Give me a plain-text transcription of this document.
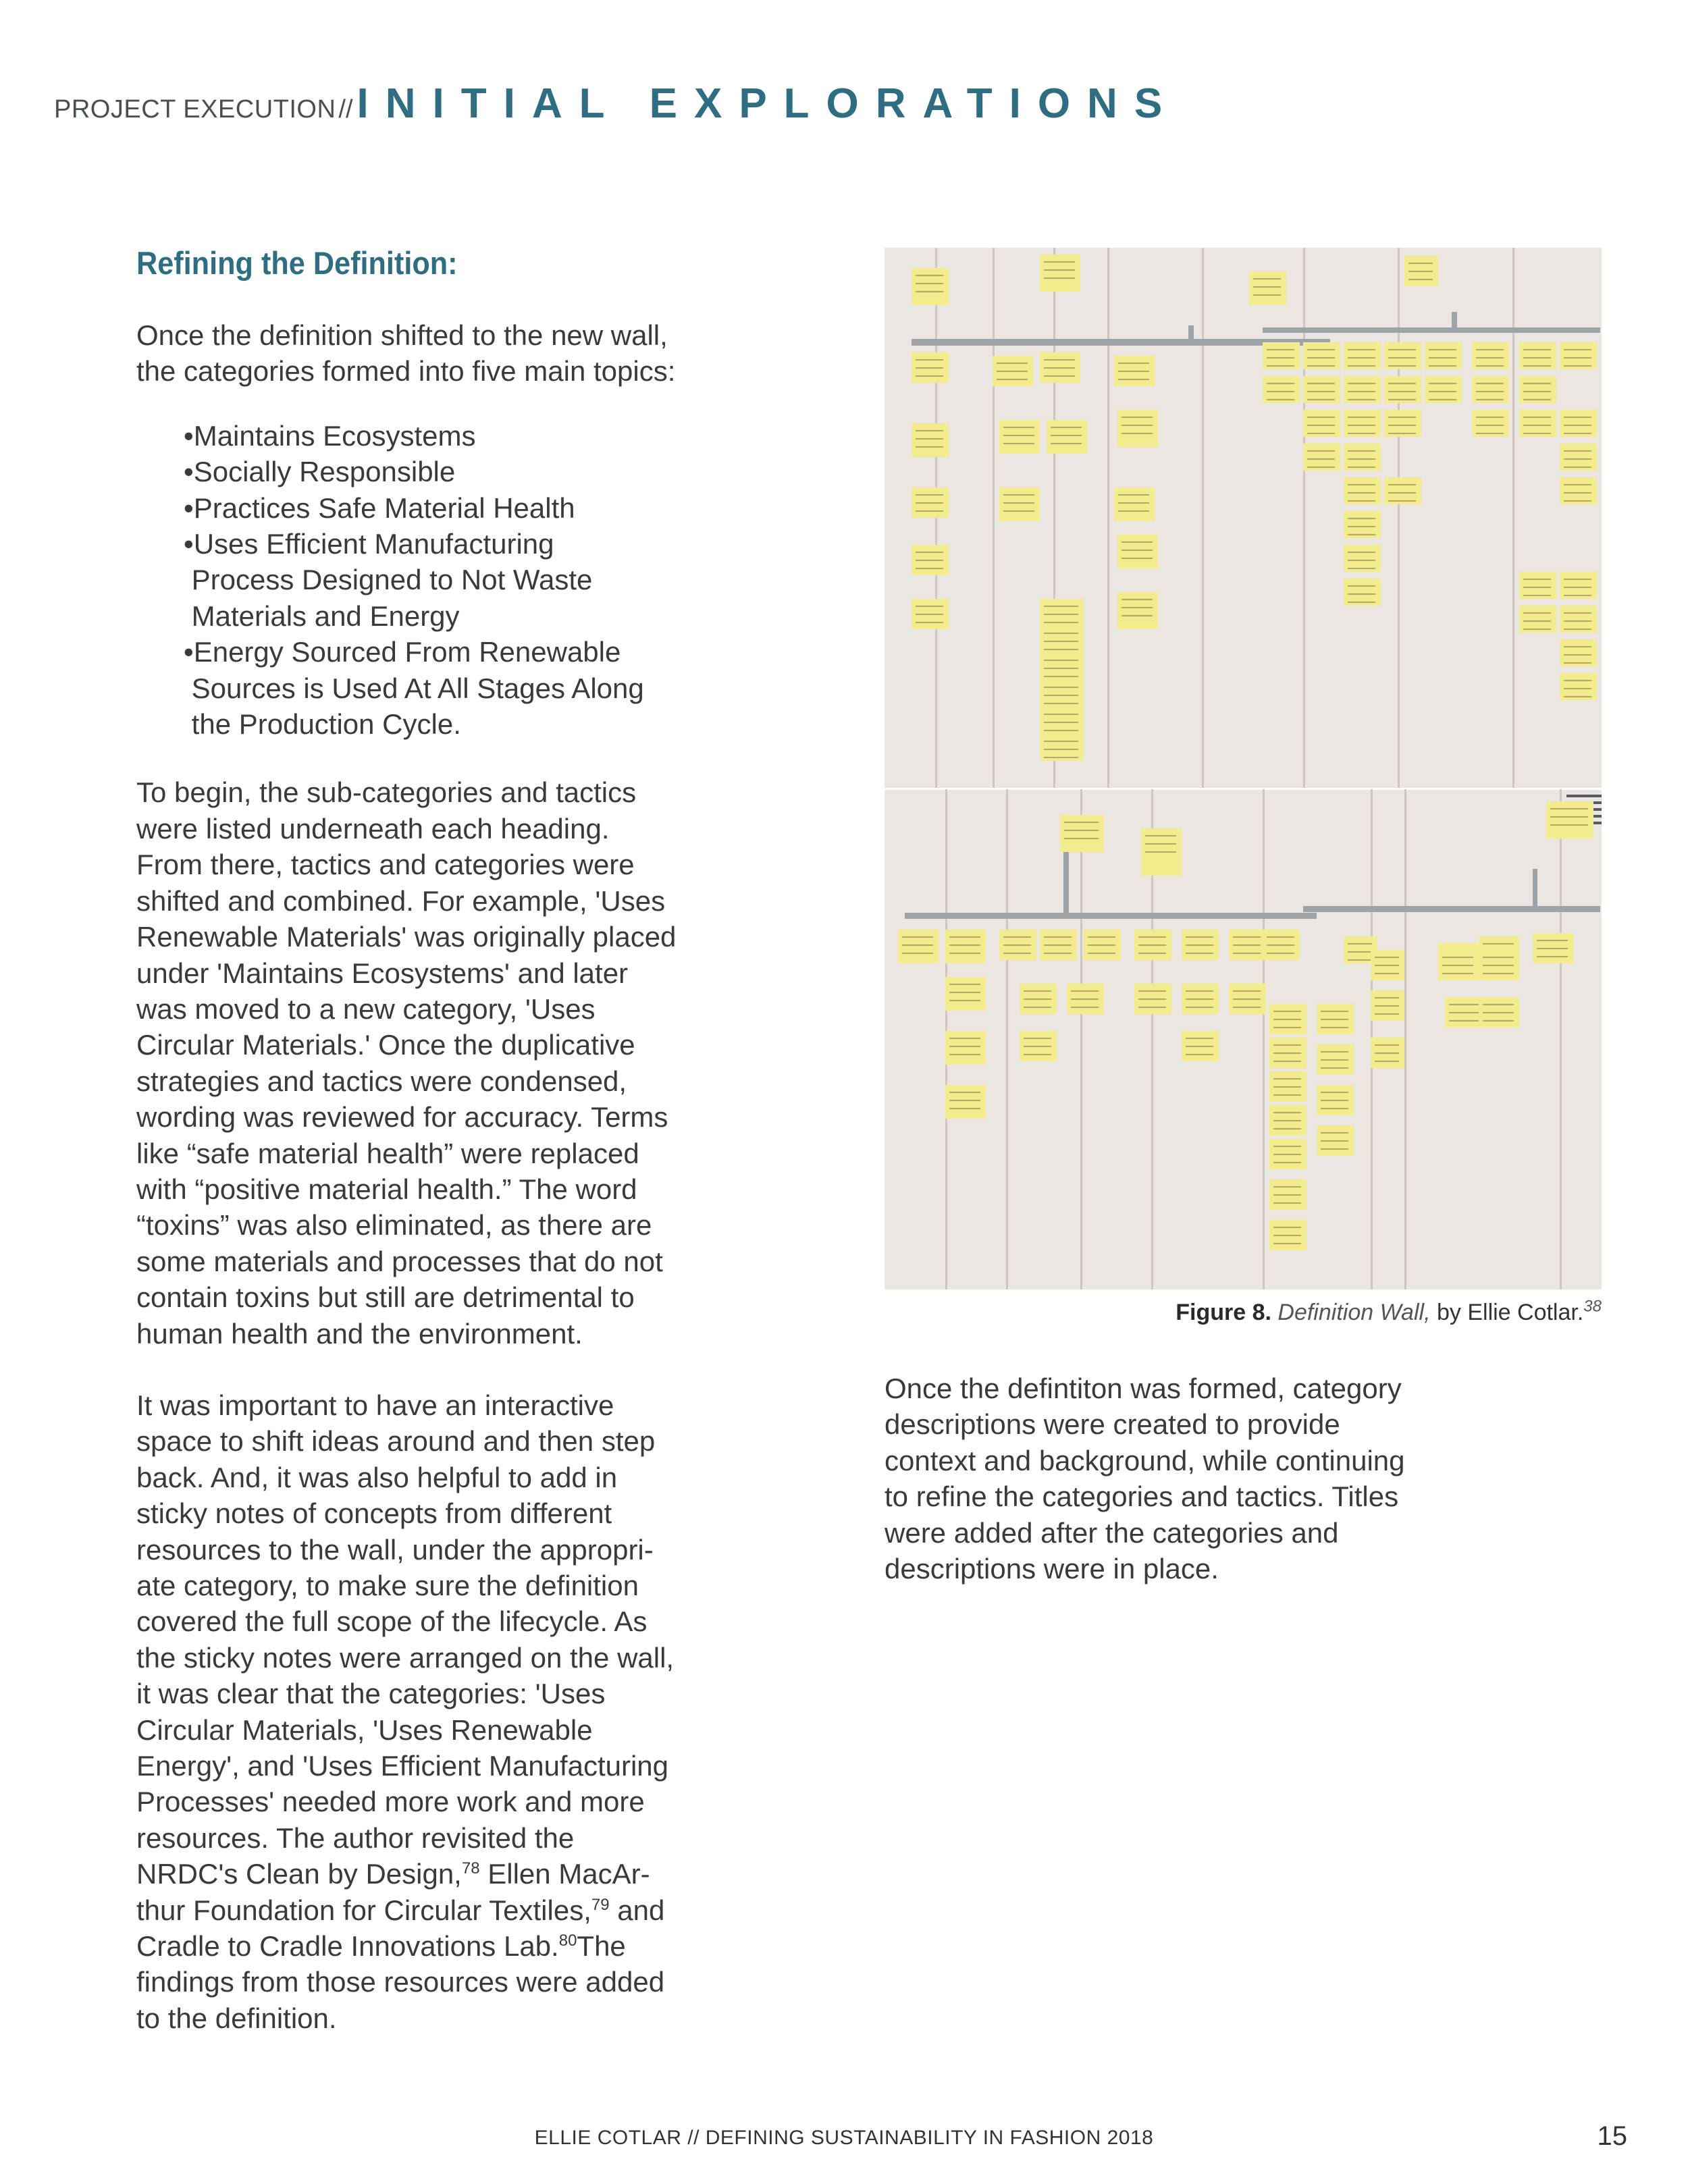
PROJECT EXECUTION //INITIAL EXPLORATIONS
Refining the Definition:

Once the definition shifted to the new wall,
the categories formed into five main topics:

•Maintains Ecosystems
•Socially Responsible
•Practices Safe Material Health
•Uses Efficient Manufacturing
Process Designed to Not Waste
Materials and Energy
•Energy Sourced From Renewable
Sources is Used At All Stages Along
the Production Cycle.

To begin, the sub-categories and tactics
were listed underneath each heading.
From there, tactics and categories were
shifted and combined. For example, 'Uses
Renewable Materials' was originally placed
under 'Maintains Ecosystems' and later
was moved to a new category, 'Uses
Circular Materials.' Once the duplicative
strategies and tactics were condensed,
wording was reviewed for accuracy. Terms
like “safe material health” were replaced
with “positive material health.” The word
“toxins” was also eliminated, as there are
some materials and processes that do not
contain toxins but still are detrimental to
human health and the environment.

It was important to have an interactive
space to shift ideas around and then step
back. And, it was also helpful to add in
sticky notes of concepts from different
resources to the wall, under the appropri-
ate category, to make sure the definition
covered the full scope of the lifecycle. As
the sticky notes were arranged on the wall,
it was clear that the categories: 'Uses
Circular Materials, 'Uses Renewable
Energy', and 'Uses Efficient Manufacturing
Processes' needed more work and more
resources. The author revisited the
NRDC's Clean by Design,$^{78}$ Ellen MacAr-
thur Foundation for Circular Textiles,$^{79}$ and
Cradle to Cradle Innovations Lab.$^{80}$The
findings from those resources were added
to the definition.

Figure 8. Definition Wall, by Ellie Cotlar.$^{38}$

Once the defintiton was formed, category
descriptions were created to provide
context and background, while continuing
to refine the categories and tactics. Titles
were added after the categories and
descriptions were in place.

ELLIE COTLAR // DEFINING SUSTAINABILITY IN FASHION 2018	15
